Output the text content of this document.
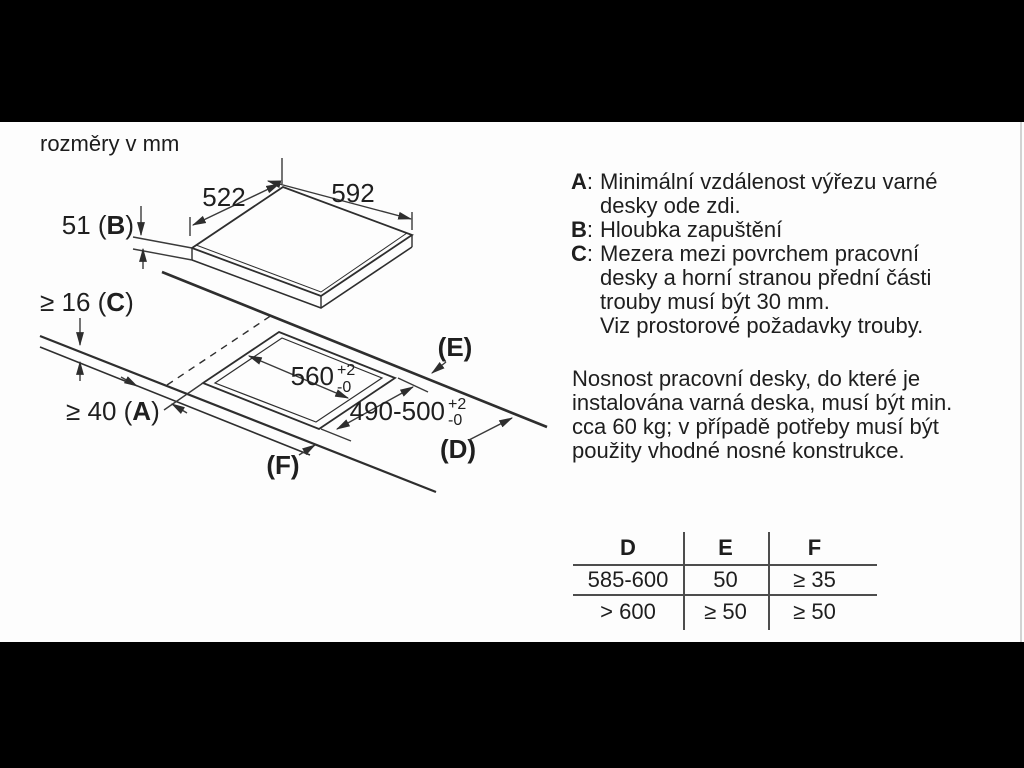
rozměry v mm
≥ 16 (C)
≥ 40 (A)
560 +2
-0
490-500 +2
-0
(E)
(D)
(F)
522	592
51 (B)
A: Minimální vzdálenost výřezu varné
desky ode zdi.
B: Hloubka zapuštění
C: Mezera mezi povrchem pracovní
desky a horní stranou přední části
trouby musí být 30 mm.
Viz prostorové požadavky trouby.
Nosnost pracovní desky, do které je
instalována varná deska, musí být min.
cca 60 kg; v případě potřeby musí být
použity vhodné nosné konstrukce.
D	E	F
585-600	50	≥ 35
> 600	≥ 50	≥ 50
